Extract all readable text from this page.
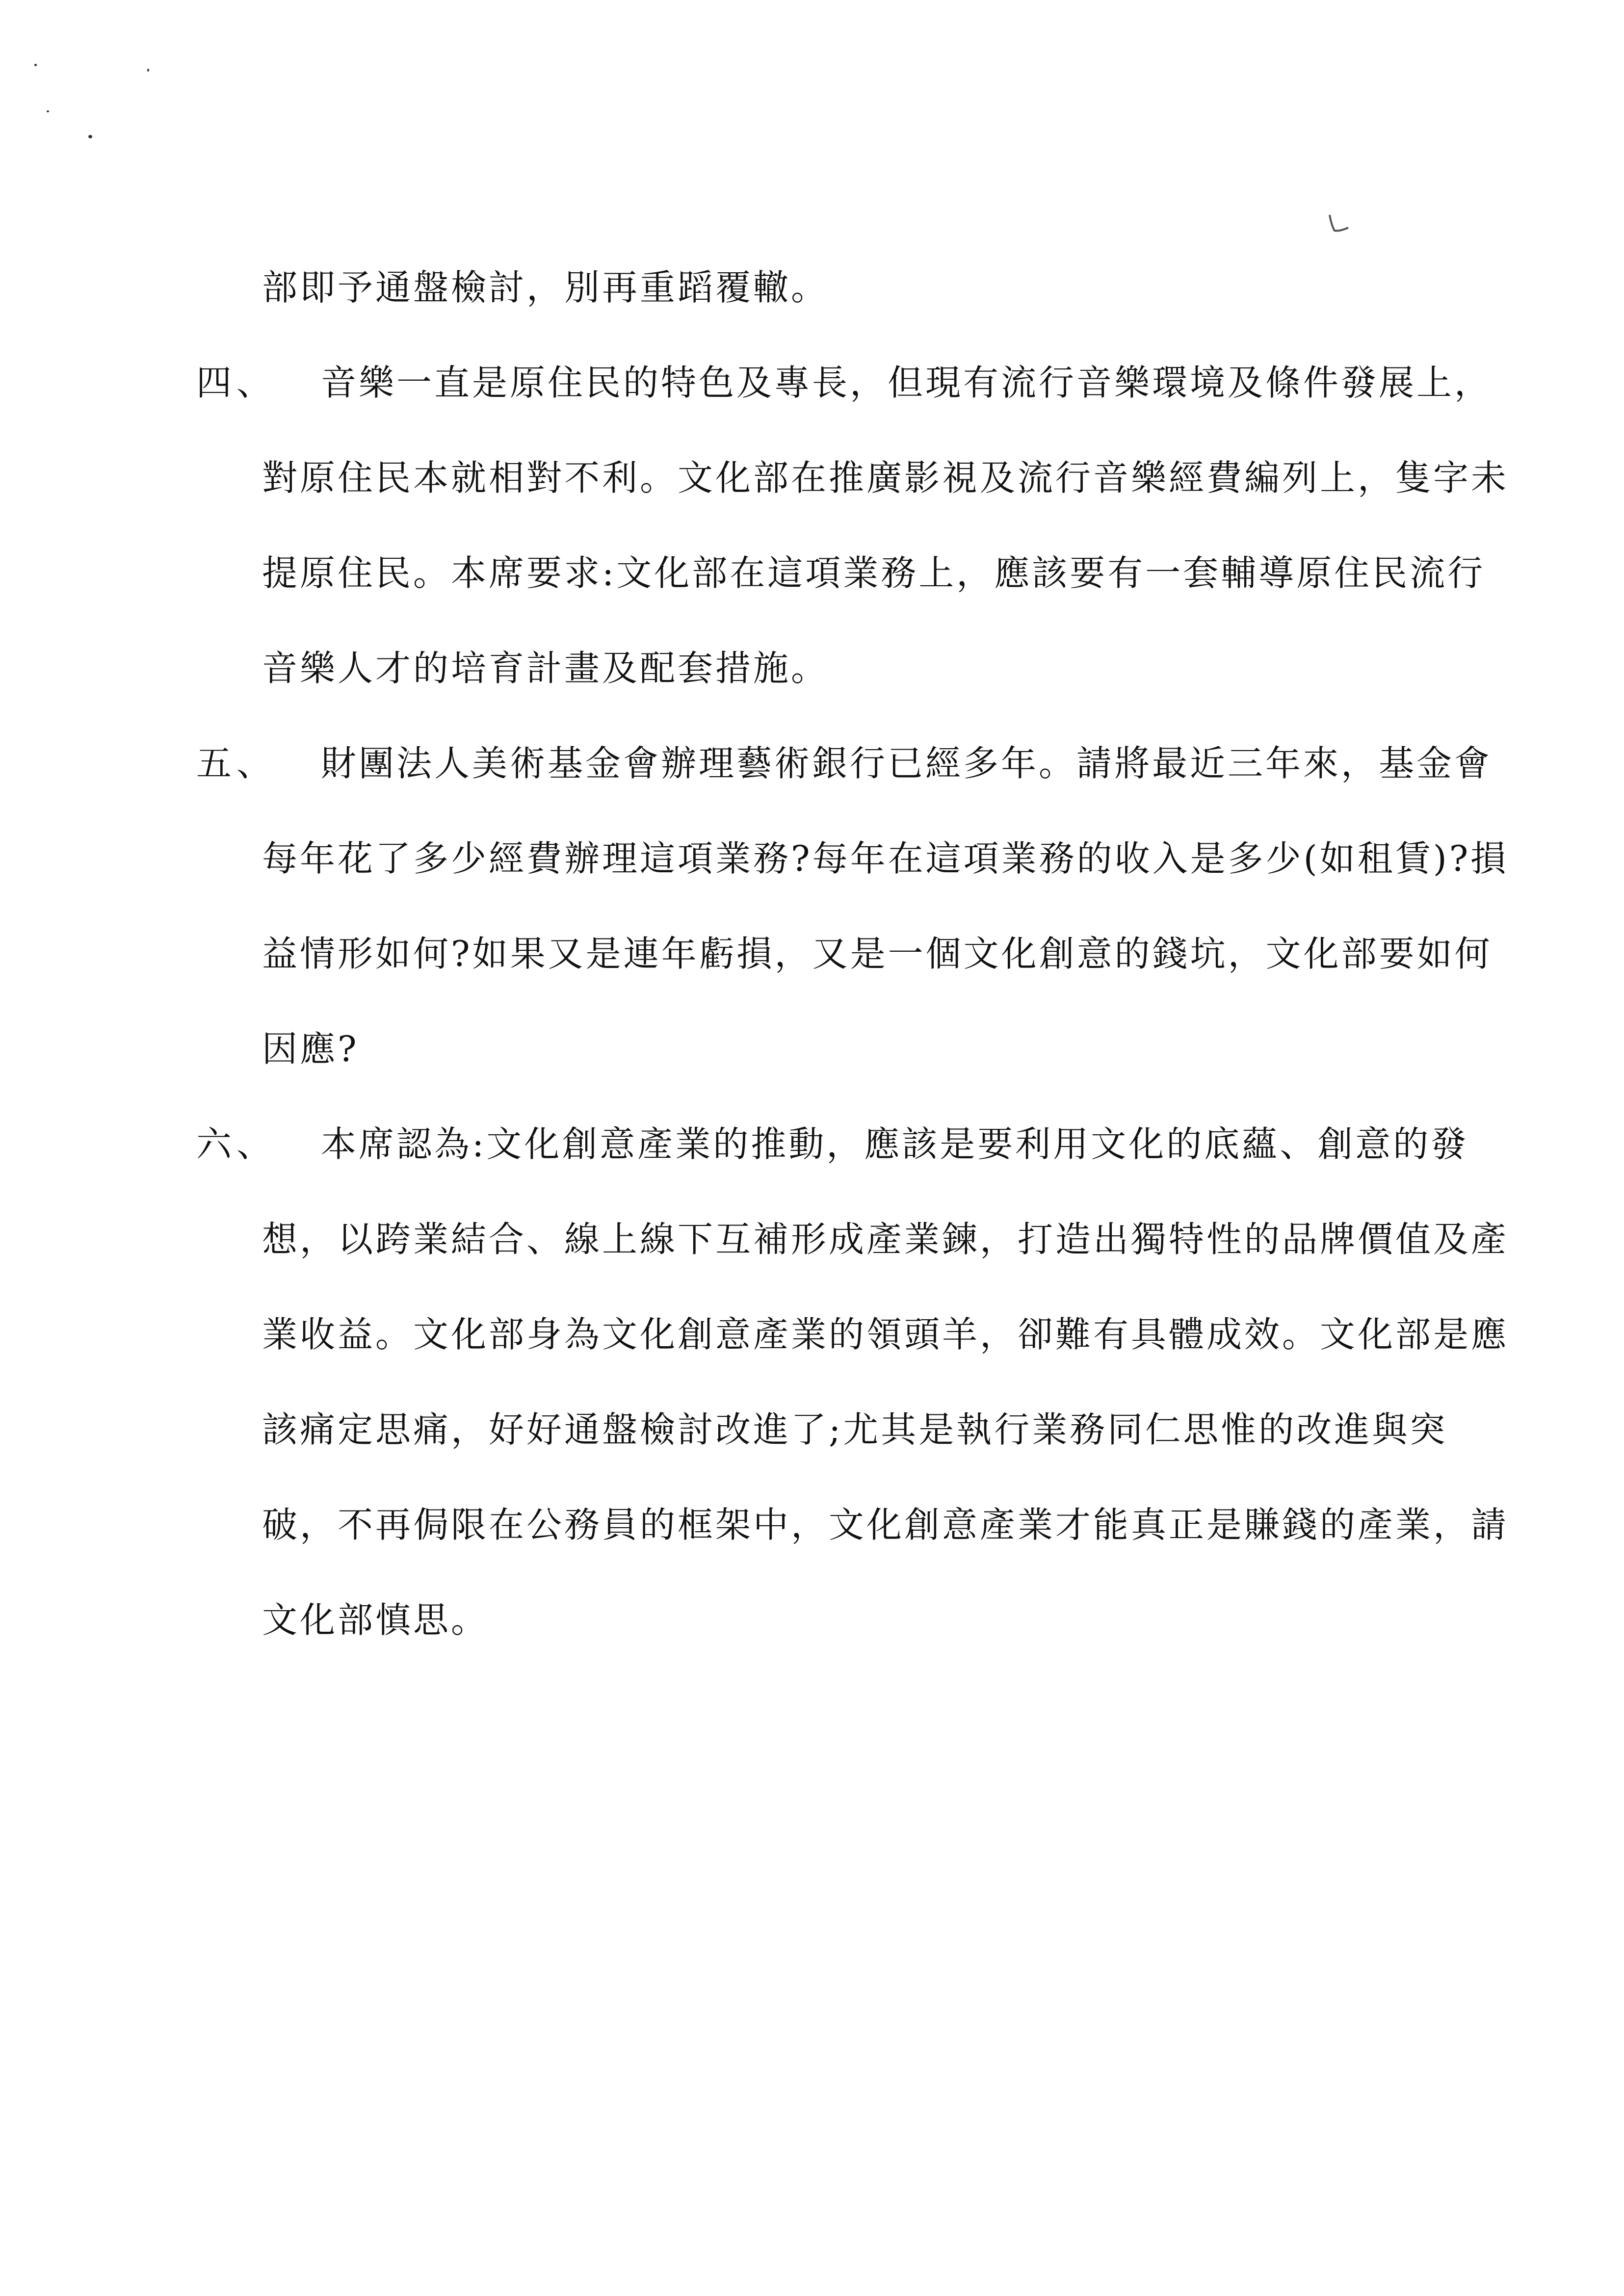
部即予通盤檢討，別再重蹈覆轍。
四、 音樂一直是原住民的特色及專長，但現有流行音樂環境及條件發展上，
對原住民本就相對不利。文化部在推廣影視及流行音樂經費編列上，隻字未
提原住民。本席要求:文化部在這項業務上，應該要有一套輔導原住民流行
音樂人才的培育計畫及配套措施。
五、 財團法人美術基金會辦理藝術銀行已經多年。請將最近三年來，基金會
每年花了多少經費辦理這項業務?每年在這項業務的收入是多少(如租賃)?損
益情形如何?如果又是連年虧損，又是一個文化創意的錢坑，文化部要如何
因應?
六、 本席認為:文化創意產業的推動，應該是要利用文化的底蘊、創意的發
想，以跨業結合、線上線下互補形成產業鍊，打造出獨特性的品牌價值及產
業收益。文化部身為文化創意產業的領頭羊，卻難有具體成效。文化部是應
該痛定思痛，好好通盤檢討改進了;尤其是執行業務同仁思惟的改進與突
破，不再侷限在公務員的框架中，文化創意產業才能真正是賺錢的產業，請
文化部慎思。
